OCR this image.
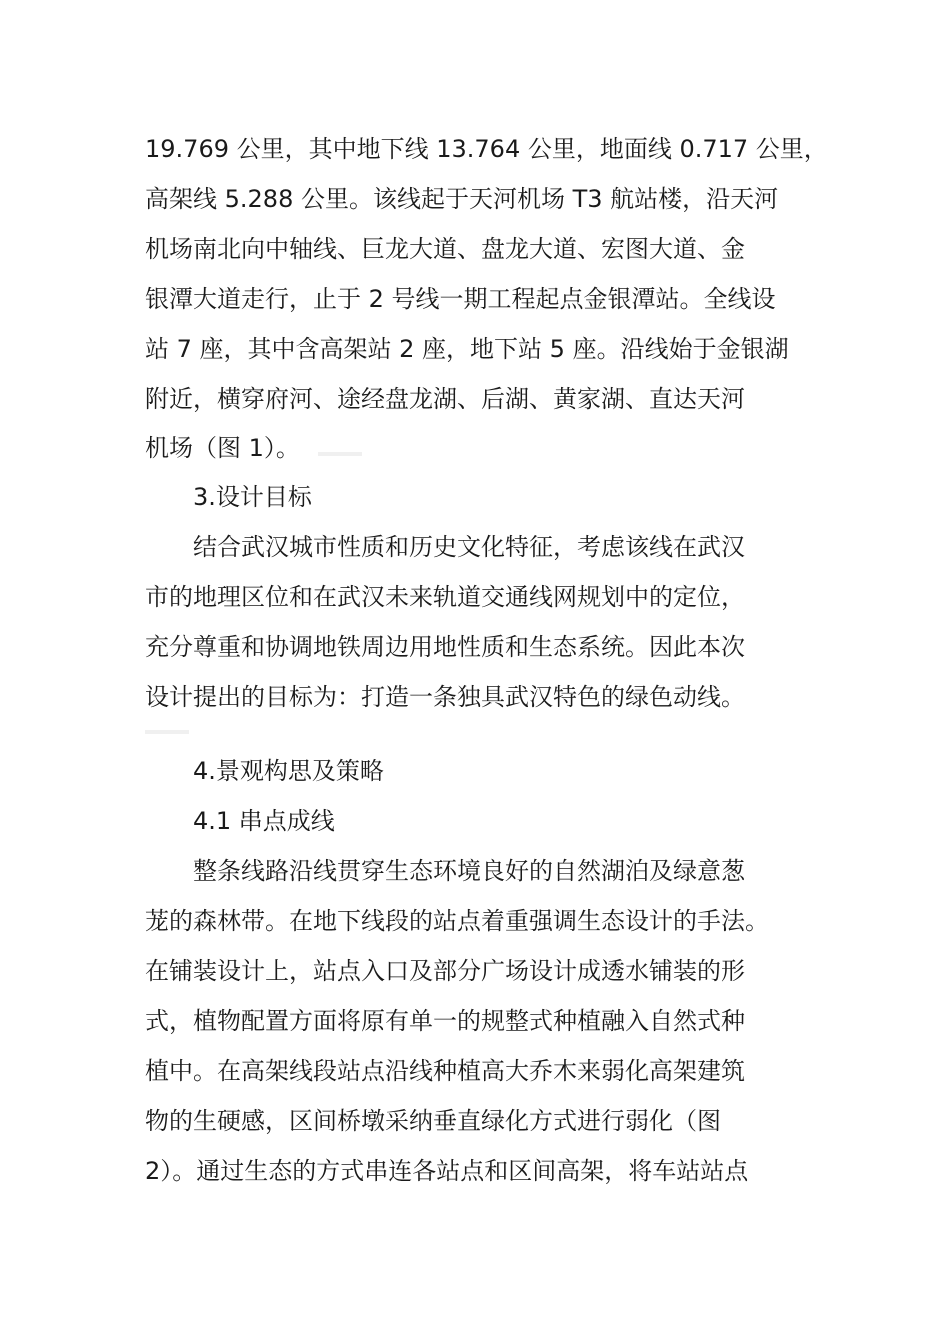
19.769 公里，其中地下线 13.764 公里，地面线 0.717 公里，
高架线 5.288 公里。该线起于天河机场 T3 航站楼，沿天河
机场南北向中轴线、巨龙大道、盘龙大道、宏图大道、金
银潭大道走行，止于 2 号线一期工程起点金银潭站。全线设
站 7 座，其中含高架站 2 座，地下站 5 座。沿线始于金银湖
附近，横穿府河、途经盘龙湖、后湖、黄家湖、直达天河
机场（图 1）。
3.设计目标
结合武汉城市性质和历史文化特征，考虑该线在武汉
市的地理区位和在武汉未来轨道交通线网规划中的定位，
充分尊重和协调地铁周边用地性质和生态系统。因此本次
设计提出的目标为：打造一条独具武汉特色的绿色动线。
4.景观构思及策略
4.1 串点成线
整条线路沿线贯穿生态环境良好的自然湖泊及绿意葱
茏的森林带。在地下线段的站点着重强调生态设计的手法。
在铺装设计上，站点入口及部分广场设计成透水铺装的形
式，植物配置方面将原有单一的规整式种植融入自然式种
植中。在高架线段站点沿线种植高大乔木来弱化高架建筑
物的生硬感，区间桥墩采纳垂直绿化方式进行弱化（图
2）。通过生态的方式串连各站点和区间高架，将车站站点
